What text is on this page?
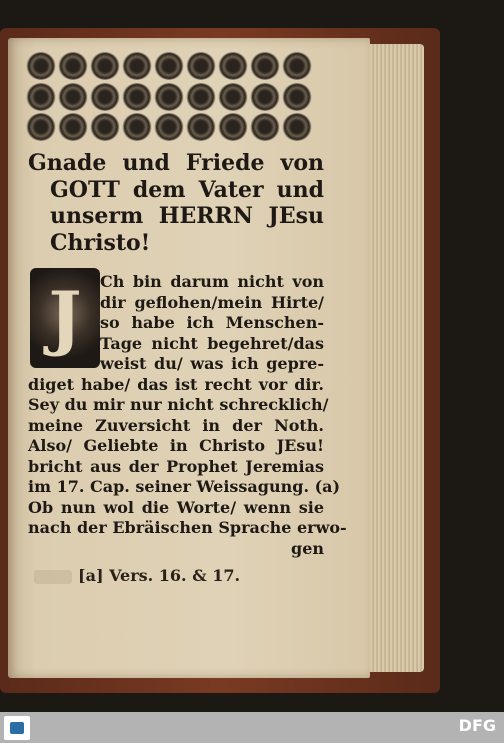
Gnade und Friede von
GOTT dem Vater und
unserm HERRN JEsu
Christo!
J	Ch bin darum nicht von
dir geflohen/mein Hirte/
so habe ich Menschen-
Tage nicht begehret/das
weist du/ was ich gepre-
diget habe/ das ist recht vor dir.
Sey du mir nur nicht schrecklich/
meine Zuversicht in der Noth.
Also/ Geliebte in Christo JEsu!
bricht aus der Prophet Jeremias
im 17. Cap. seiner Weissagung. (a)
Ob nun wol die Worte/ wenn sie
nach der Ebräischen Sprache erwo-
gen
[a] Vers. 16. & 17.
DFG
